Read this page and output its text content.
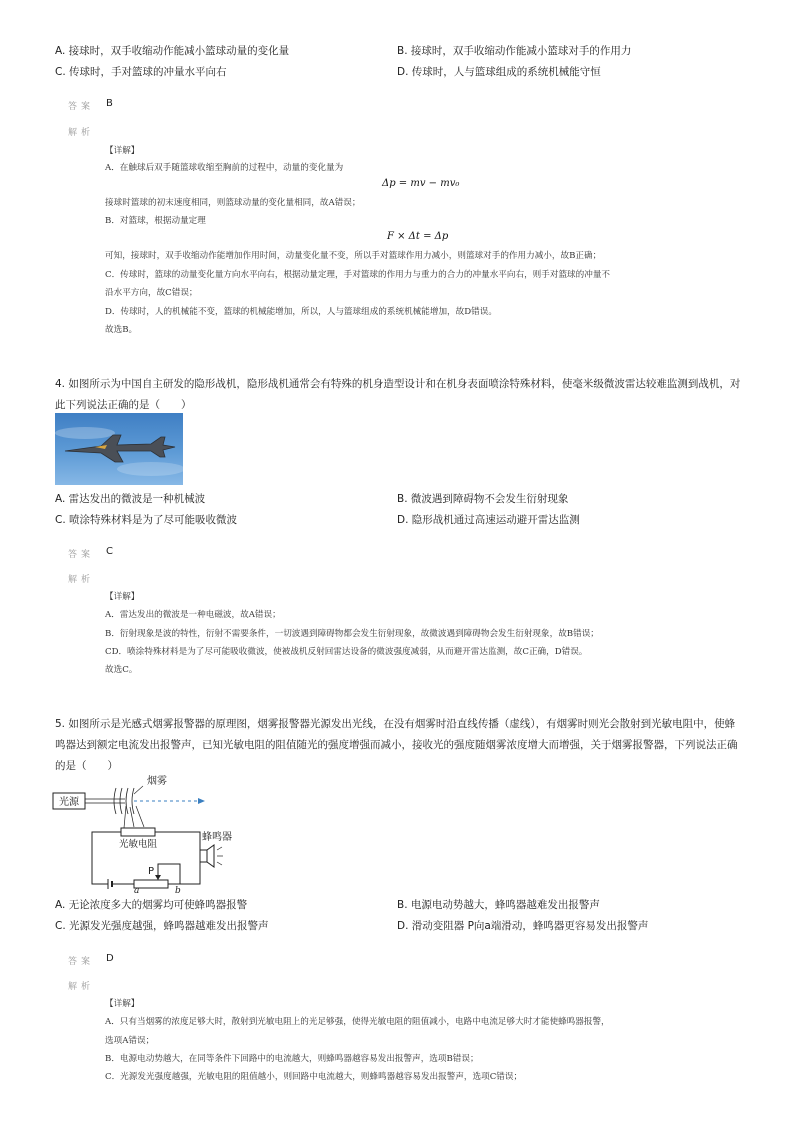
A. 接球时，双手收缩动作能减小篮球动量的变化量	B. 接球时，双手收缩动作能减小篮球对手的作用力
C. 传球时，手对篮球的冲量水平向右	D. 传球时，人与篮球组成的系统机械能守恒
答案 B
解析
【详解】
A．在触球后双手随篮球收缩至胸前的过程中，动量的变化量为
Δp = mv − mv₀
接球时篮球的初末速度相同，则篮球动量的变化量相同，故A错误；
B．对篮球，根据动量定理
F × Δt = Δp
可知，接球时，双手收缩动作能增加作用时间，动量变化量不变，所以手对篮球作用力减小，则篮球对手的作用力减小，故B正确；
C．传球时，篮球的动量变化量方向水平向右，根据动量定理，手对篮球的作用力与重力的合力的冲量水平向右，则手对篮球的冲量不
沿水平方向，故C错误；
D．传球时，人的机械能不变，篮球的机械能增加，所以，人与篮球组成的系统机械能增加，故D错误。
故选B。
4. 如图所示为中国自主研发的隐形战机，隐形战机通常会有特殊的机身造型设计和在机身表面喷涂特殊材料，使毫米级微波雷达较难监测到战机，对
此下列说法正确的是（　　）
A. 雷达发出的微波是一种机械波	B. 微波遇到障碍物不会发生衍射现象
C. 喷涂特殊材料是为了尽可能吸收微波	D. 隐形战机通过高速运动避开雷达监测
答案 C
解析
【详解】
A．雷达发出的微波是一种电磁波，故A错误；
B．衍射现象是波的特性，衍射不需要条件，一切波遇到障碍物都会发生衍射现象，故微波遇到障碍物会发生衍射现象，故B错误；
CD．喷涂特殊材料是为了尽可能吸收微波，使被战机反射回雷达设备的微波强度减弱，从而避开雷达监测，故C正确，D错误。
故选C。
5. 如图所示是光感式烟雾报警器的原理图，烟雾报警器光源发出光线，在没有烟雾时沿直线传播（虚线），有烟雾时则光会散射到光敏电阻中，使蜂
鸣器达到额定电流发出报警声，已知光敏电阻的阻值随光的强度增强而减小，接收光的强度随烟雾浓度增大而增强，关于烟雾报警器，下列说法正确
的是（　　）
光源
烟雾
光敏电阻
蜂鸣器
P
a	b
A. 无论浓度多大的烟雾均可使蜂鸣器报警	B. 电源电动势越大，蜂鸣器越难发出报警声
C. 光源发光强度越强，蜂鸣器越难发出报警声	D. 滑动变阻器 P向a端滑动，蜂鸣器更容易发出报警声
答案 D
解析
【详解】
A．只有当烟雾的浓度足够大时，散射到光敏电阻上的光足够强，使得光敏电阻的阻值减小，电路中电流足够大时才能使蜂鸣器报警，
选项A错误；
B．电源电动势越大，在同等条件下回路中的电流越大，则蜂鸣器越容易发出报警声，选项B错误；
C．光源发光强度越强，光敏电阻的阻值越小，则回路中电流越大，则蜂鸣器越容易发出报警声，选项C错误；
